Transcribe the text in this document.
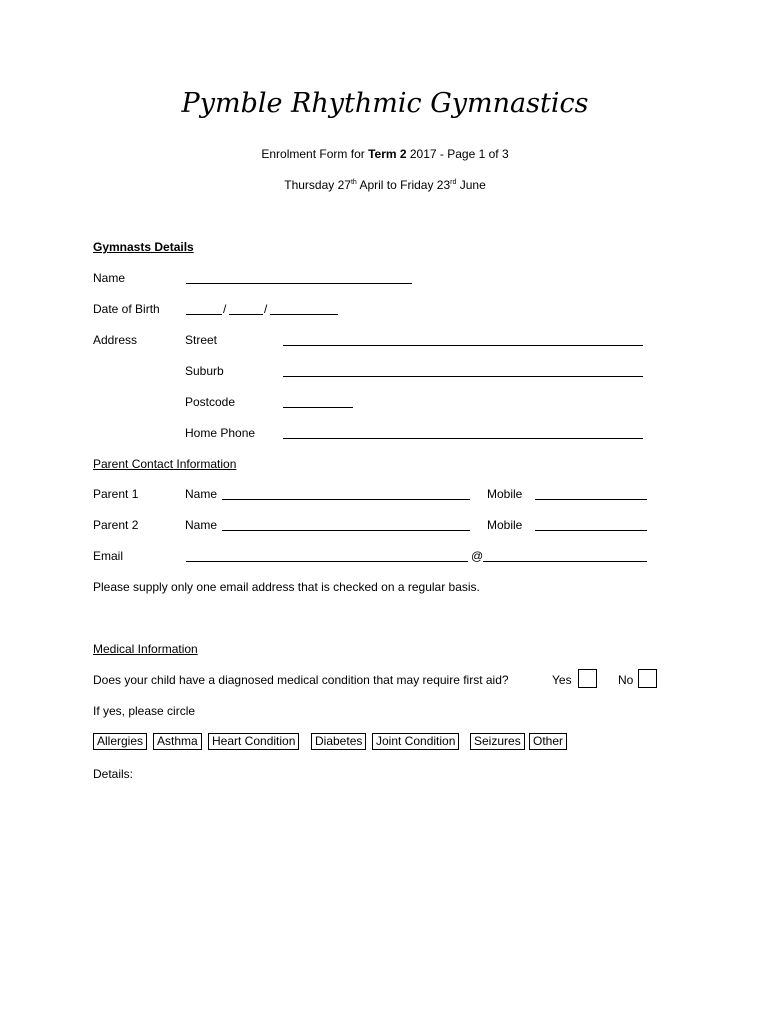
Pymble Rhythmic Gymnastics
Enrolment Form for Term 2 2017 - Page 1 of 3
Thursday 27th April to Friday 23rd June
Gymnasts Details
Name
Date of Birth	/	/
Address	Street
Suburb
Postcode
Home Phone
Parent Contact Information
Parent 1	Name	Mobile
Parent 2	Name	Mobile
Email	@
Please supply only one email address that is checked on a regular basis.
Medical Information
Does your child have a diagnosed medical condition that may require first aid?	Yes	No
If yes, please circle
Allergies	Asthma	Heart Condition	Diabetes	Joint Condition	Seizures	Other
Details:
